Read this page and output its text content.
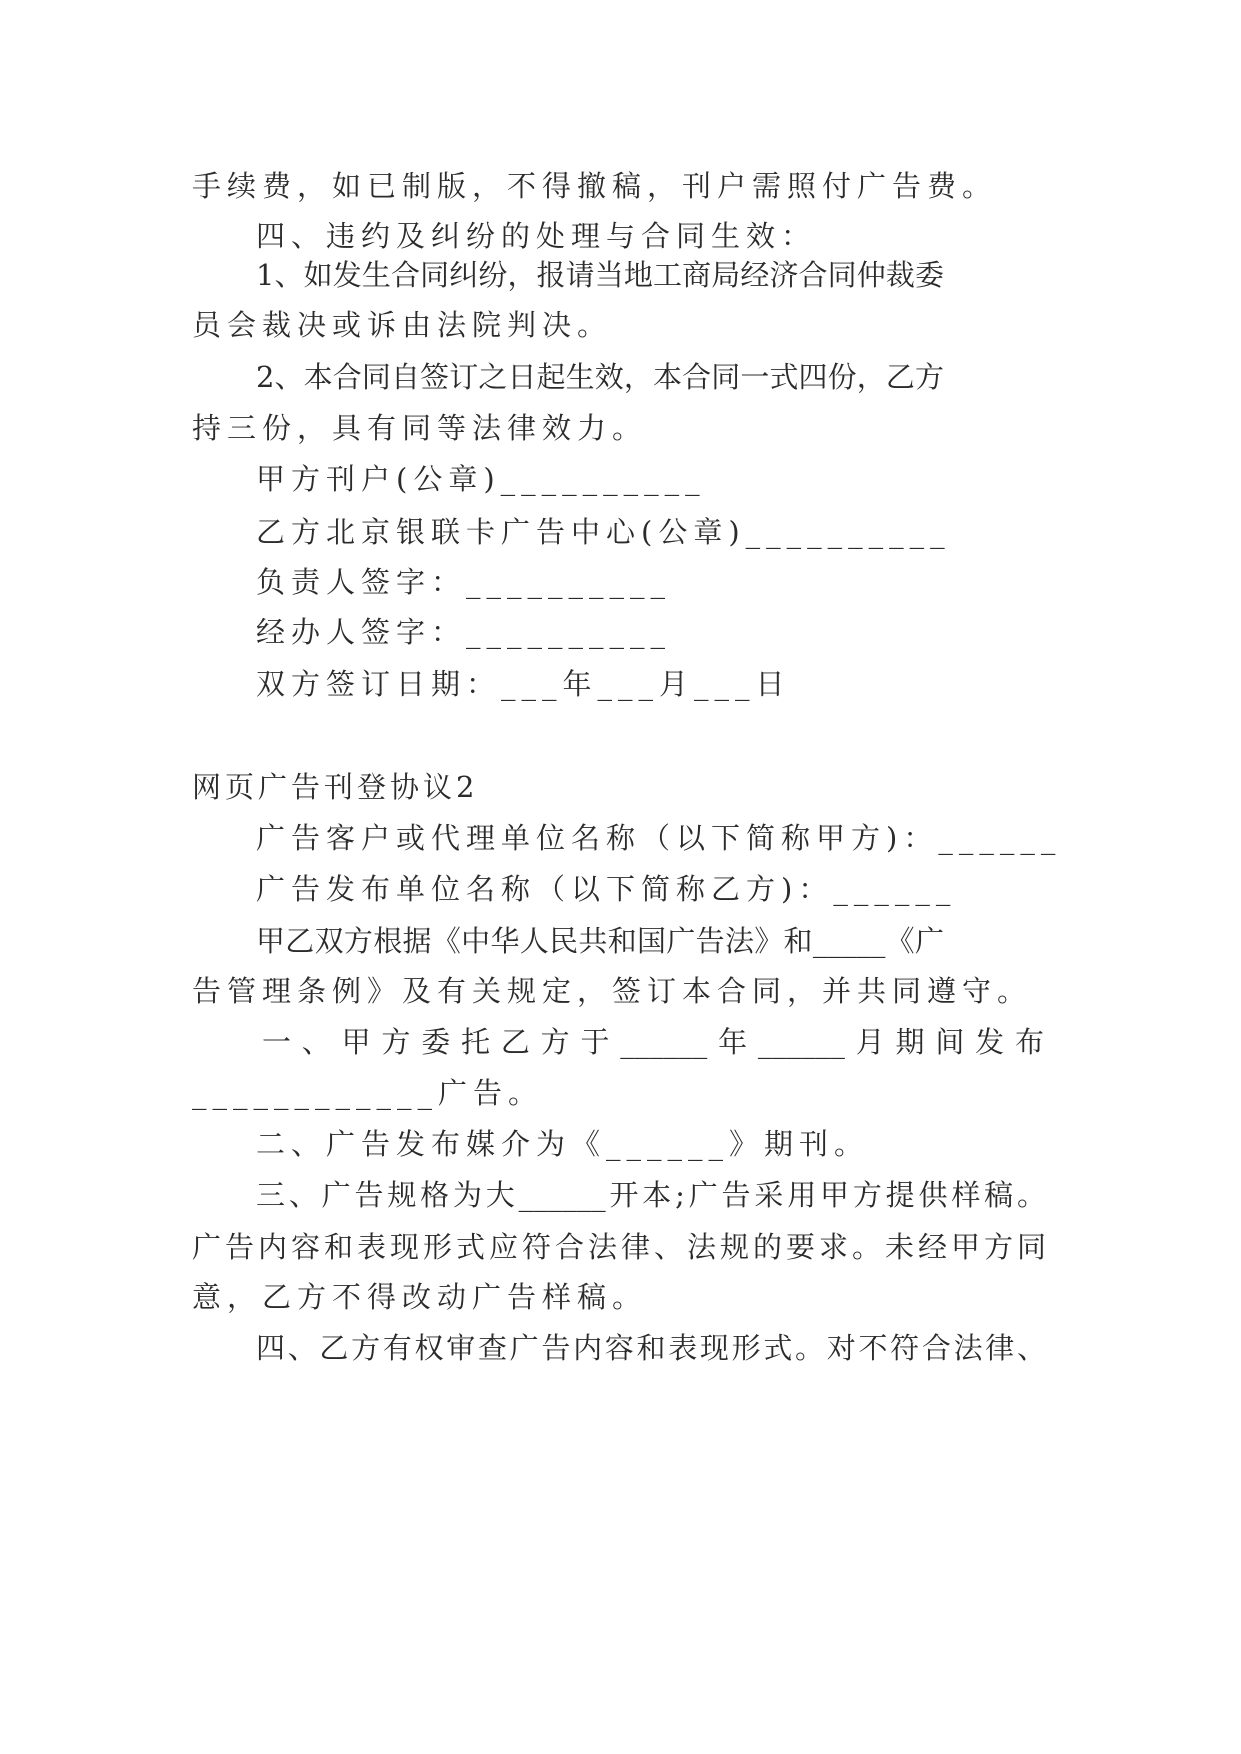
手续费，如已制版，不得撤稿，刊户需照付广告费。
四、违约及纠纷的处理与合同生效：
1、如发生合同纠纷，报请当地工商局经济合同仲裁委
员会裁决或诉由法院判决。
2、本合同自签订之日起生效，本合同一式四份，乙方
持三份，具有同等法律效力。
甲方刊户(公章)__________
乙方北京银联卡广告中心(公章)__________
负责人签字：__________
经办人签字：__________
双方签订日期：___年___月___日
网页广告刊登协议2
广告客户或代理单位名称（以下简称甲方)：______
广告发布单位名称（以下简称乙方)：______
甲乙双方根据《中华人民共和国广告法》和_____《广
告管理条例》及有关规定，签订本合同，并共同遵守。
一、甲方委托乙方于______年______月期间发布
____________广告。
二、广告发布媒介为《______》期刊。
三、广告规格为大______开本;广告采用甲方提供样稿。
广告内容和表现形式应符合法律、法规的要求。未经甲方同
意，乙方不得改动广告样稿。
四、乙方有权审查广告内容和表现形式。对不符合法律、
